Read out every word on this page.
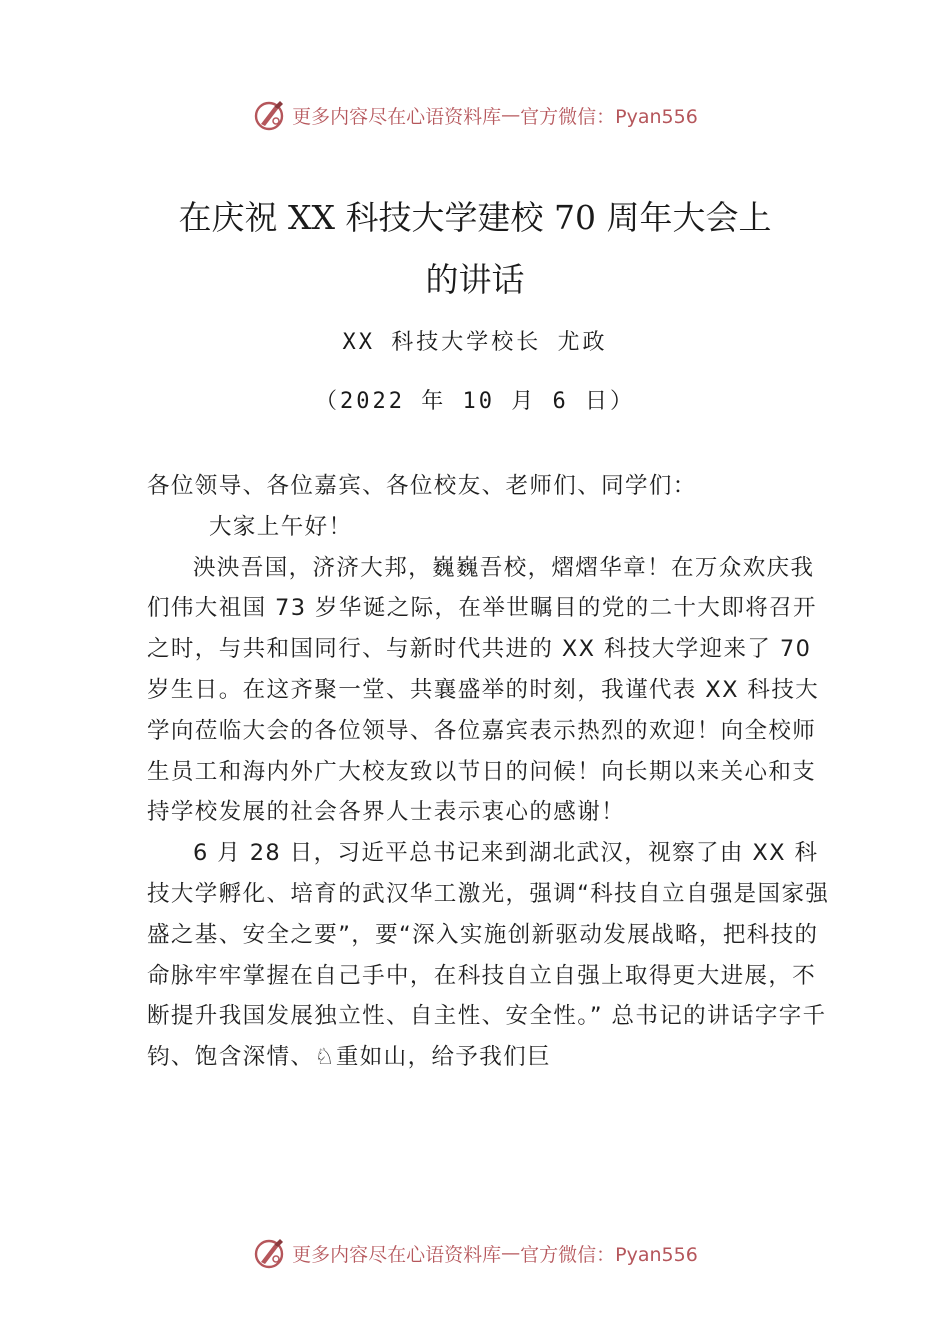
更多内容尽在心语资料库 — 官方微信：Pyan556
在庆祝 XX 科技大学建校 70 周年大会上
的讲话
XX 科技大学校长 尤政
（2022 年 10 月 6 日）

各位领导、各位嘉宾、各位校友、老师们、同学们：

大家上午好！

泱泱吾国，济济大邦，巍巍吾校，熠熠华章！在万众欢庆我们伟大祖国 73 岁华诞之际，在举世瞩目的党的二十大即将召开之时，与共和国同行、与新时代共进的 XX 科技大学迎来了 70 岁生日。在这齐聚一堂、共襄盛举的时刻，我谨代表 XX 科技大学向莅临大会的各位领导、各位嘉宾表示热烈的欢迎！向全校师生员工和海内外广大校友致以节日的问候！向长期以来关心和支持学校发展的社会各界人士表示衷心的感谢！

6 月 28 日，习近平总书记来到湖北武汉，视察了由 XX 科技大学孵化、培育的武汉华工激光，强调“科技自立自强是国家强盛之基、安全之要”，要“深入实施创新驱动发展战略，把科技的命脉牢牢掌握在自己手中，在科技自立自强上取得更大进展，不断提升我国发展独立性、自主性、安全性。” 总书记的讲话字字千钧、饱含深情、♘重如山，给予我们巨

更多内容尽在心语资料库 — 官方微信：Pyan556
